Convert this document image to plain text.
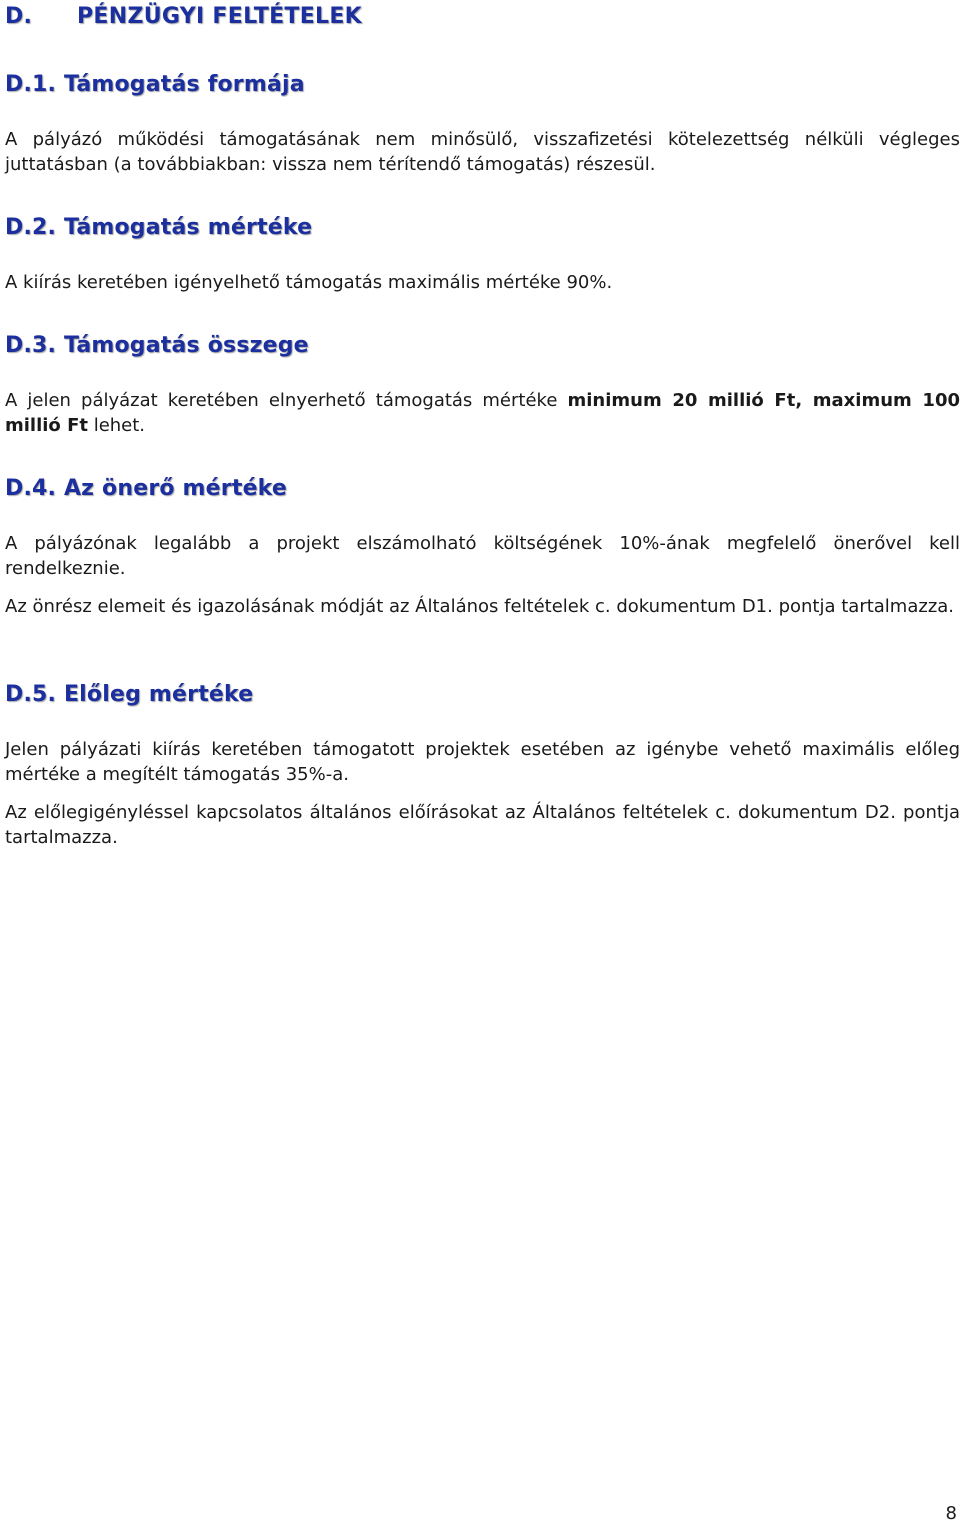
D. PÉNZÜGYI FELTÉTELEK
D.1. Támogatás formája

A pályázó működési támogatásának nem minősülő, visszafizetési kötelezettség nélküli végleges juttatásban (a továbbiakban: vissza nem térítendő támogatás) részesül.

D.2. Támogatás mértéke

A kiírás keretében igényelhető támogatás maximális mértéke 90%.

D.3. Támogatás összege

A jelen pályázat keretében elnyerhető támogatás mértéke minimum 20 millió Ft, maximum 100 millió Ft lehet.

D.4. Az önerő mértéke

A pályázónak legalább a projekt elszámolható költségének 10%-ának megfelelő önerővel kell rendelkeznie.

Az önrész elemeit és igazolásának módját az Általános feltételek c. dokumentum D1. pontja tartalmazza.

D.5. Előleg mértéke

Jelen pályázati kiírás keretében támogatott projektek esetében az igénybe vehető maximális előleg mértéke a megítélt támogatás 35%-a.

Az előlegigényléssel kapcsolatos általános előírásokat az Általános feltételek c. dokumentum D2. pontja tartalmazza.

8
